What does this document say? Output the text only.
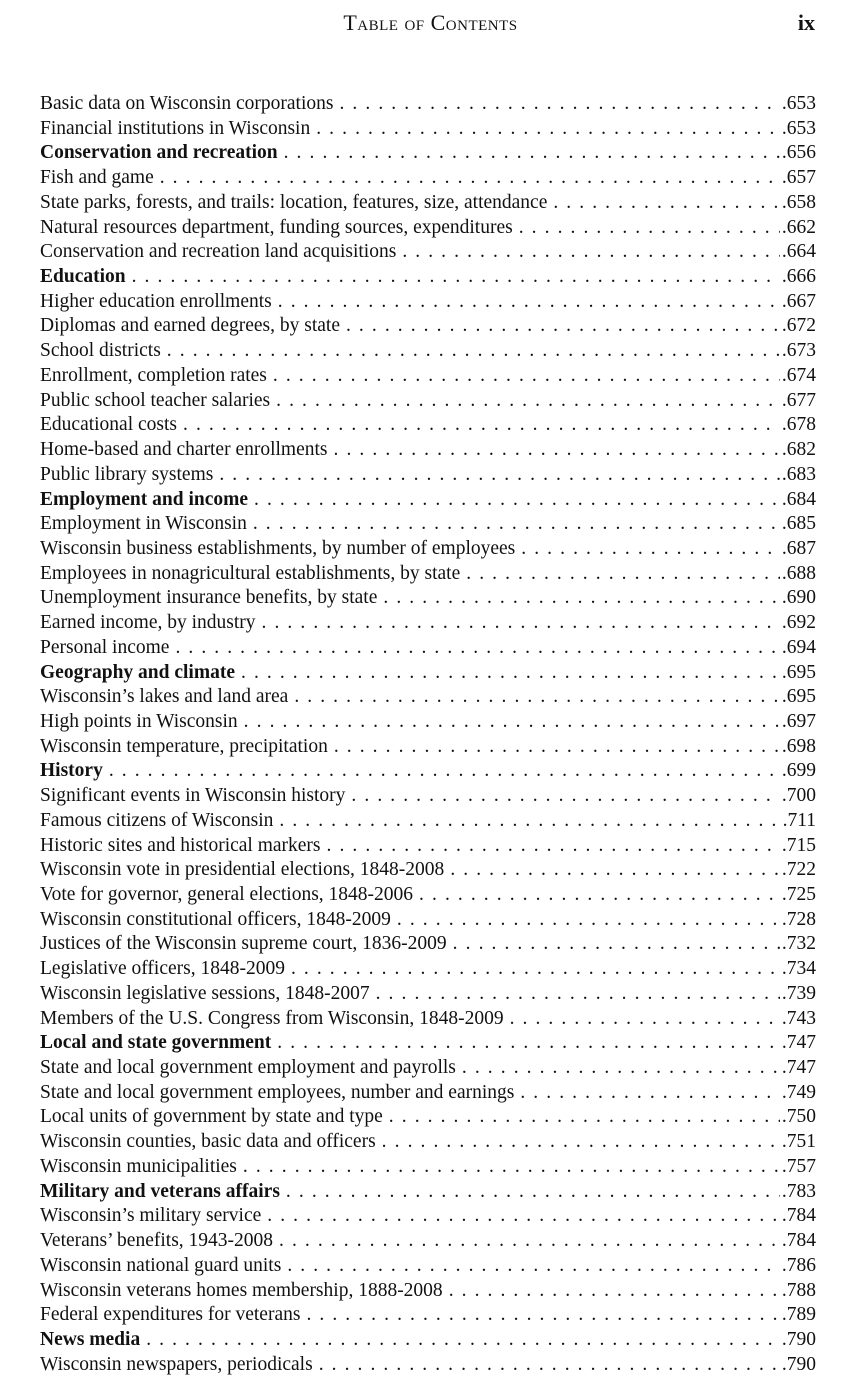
Table of Contents	ix
Basic data on Wisconsin corporations . . .	.653
Financial institutions in Wisconsin . . .	.653
Conservation and recreation . . .	.656
Fish and game . . .	.657
State parks, forests, and trails: location, features, size, attendance . . .	.658
Natural resources department, funding sources, expenditures . . .	.662
Conservation and recreation land acquisitions . . .	.664
Education . . .	.666
Higher education enrollments . . .	.667
Diplomas and earned degrees, by state . . .	.672
School districts . . .	.673
Enrollment, completion rates . . .	.674
Public school teacher salaries . . .	.677
Educational costs . . .	.678
Home-based and charter enrollments . . .	.682
Public library systems . . .	.683
Employment and income . . .	.684
Employment in Wisconsin . . .	.685
Wisconsin business establishments, by number of employees . . .	.687
Employees in nonagricultural establishments, by state . . .	.688
Unemployment insurance benefits, by state . . .	.690
Earned income, by industry . . .	.692
Personal income . . .	.694
Geography and climate . . .	.695
Wisconsin’s lakes and land area . . .	.695
High points in Wisconsin . . .	.697
Wisconsin temperature, precipitation . . .	.698
History . . .	.699
Significant events in Wisconsin history . . .	.700
Famous citizens of Wisconsin . . .	.711
Historic sites and historical markers . . .	.715
Wisconsin vote in presidential elections, 1848-2008 . . .	.722
Vote for governor, general elections, 1848-2006 . . .	.725
Wisconsin constitutional officers, 1848-2009 . . .	.728
Justices of the Wisconsin supreme court, 1836-2009 . . .	.732
Legislative officers, 1848-2009 . . .	.734
Wisconsin legislative sessions, 1848-2007 . . .	.739
Members of the U.S. Congress from Wisconsin, 1848-2009 . . .	.743
Local and state government . . .	.747
State and local government employment and payrolls . . .	.747
State and local government employees, number and earnings . . .	.749
Local units of government by state and type . . .	.750
Wisconsin counties, basic data and officers . . .	.751
Wisconsin municipalities . . .	.757
Military and veterans affairs . . .	.783
Wisconsin’s military service . . .	.784
Veterans’ benefits, 1943-2008 . . .	.784
Wisconsin national guard units . . .	.786
Wisconsin veterans homes membership, 1888-2008 . . .	.788
Federal expenditures for veterans . . .	.789
News media . . .	.790
Wisconsin newspapers, periodicals . . .	.790
